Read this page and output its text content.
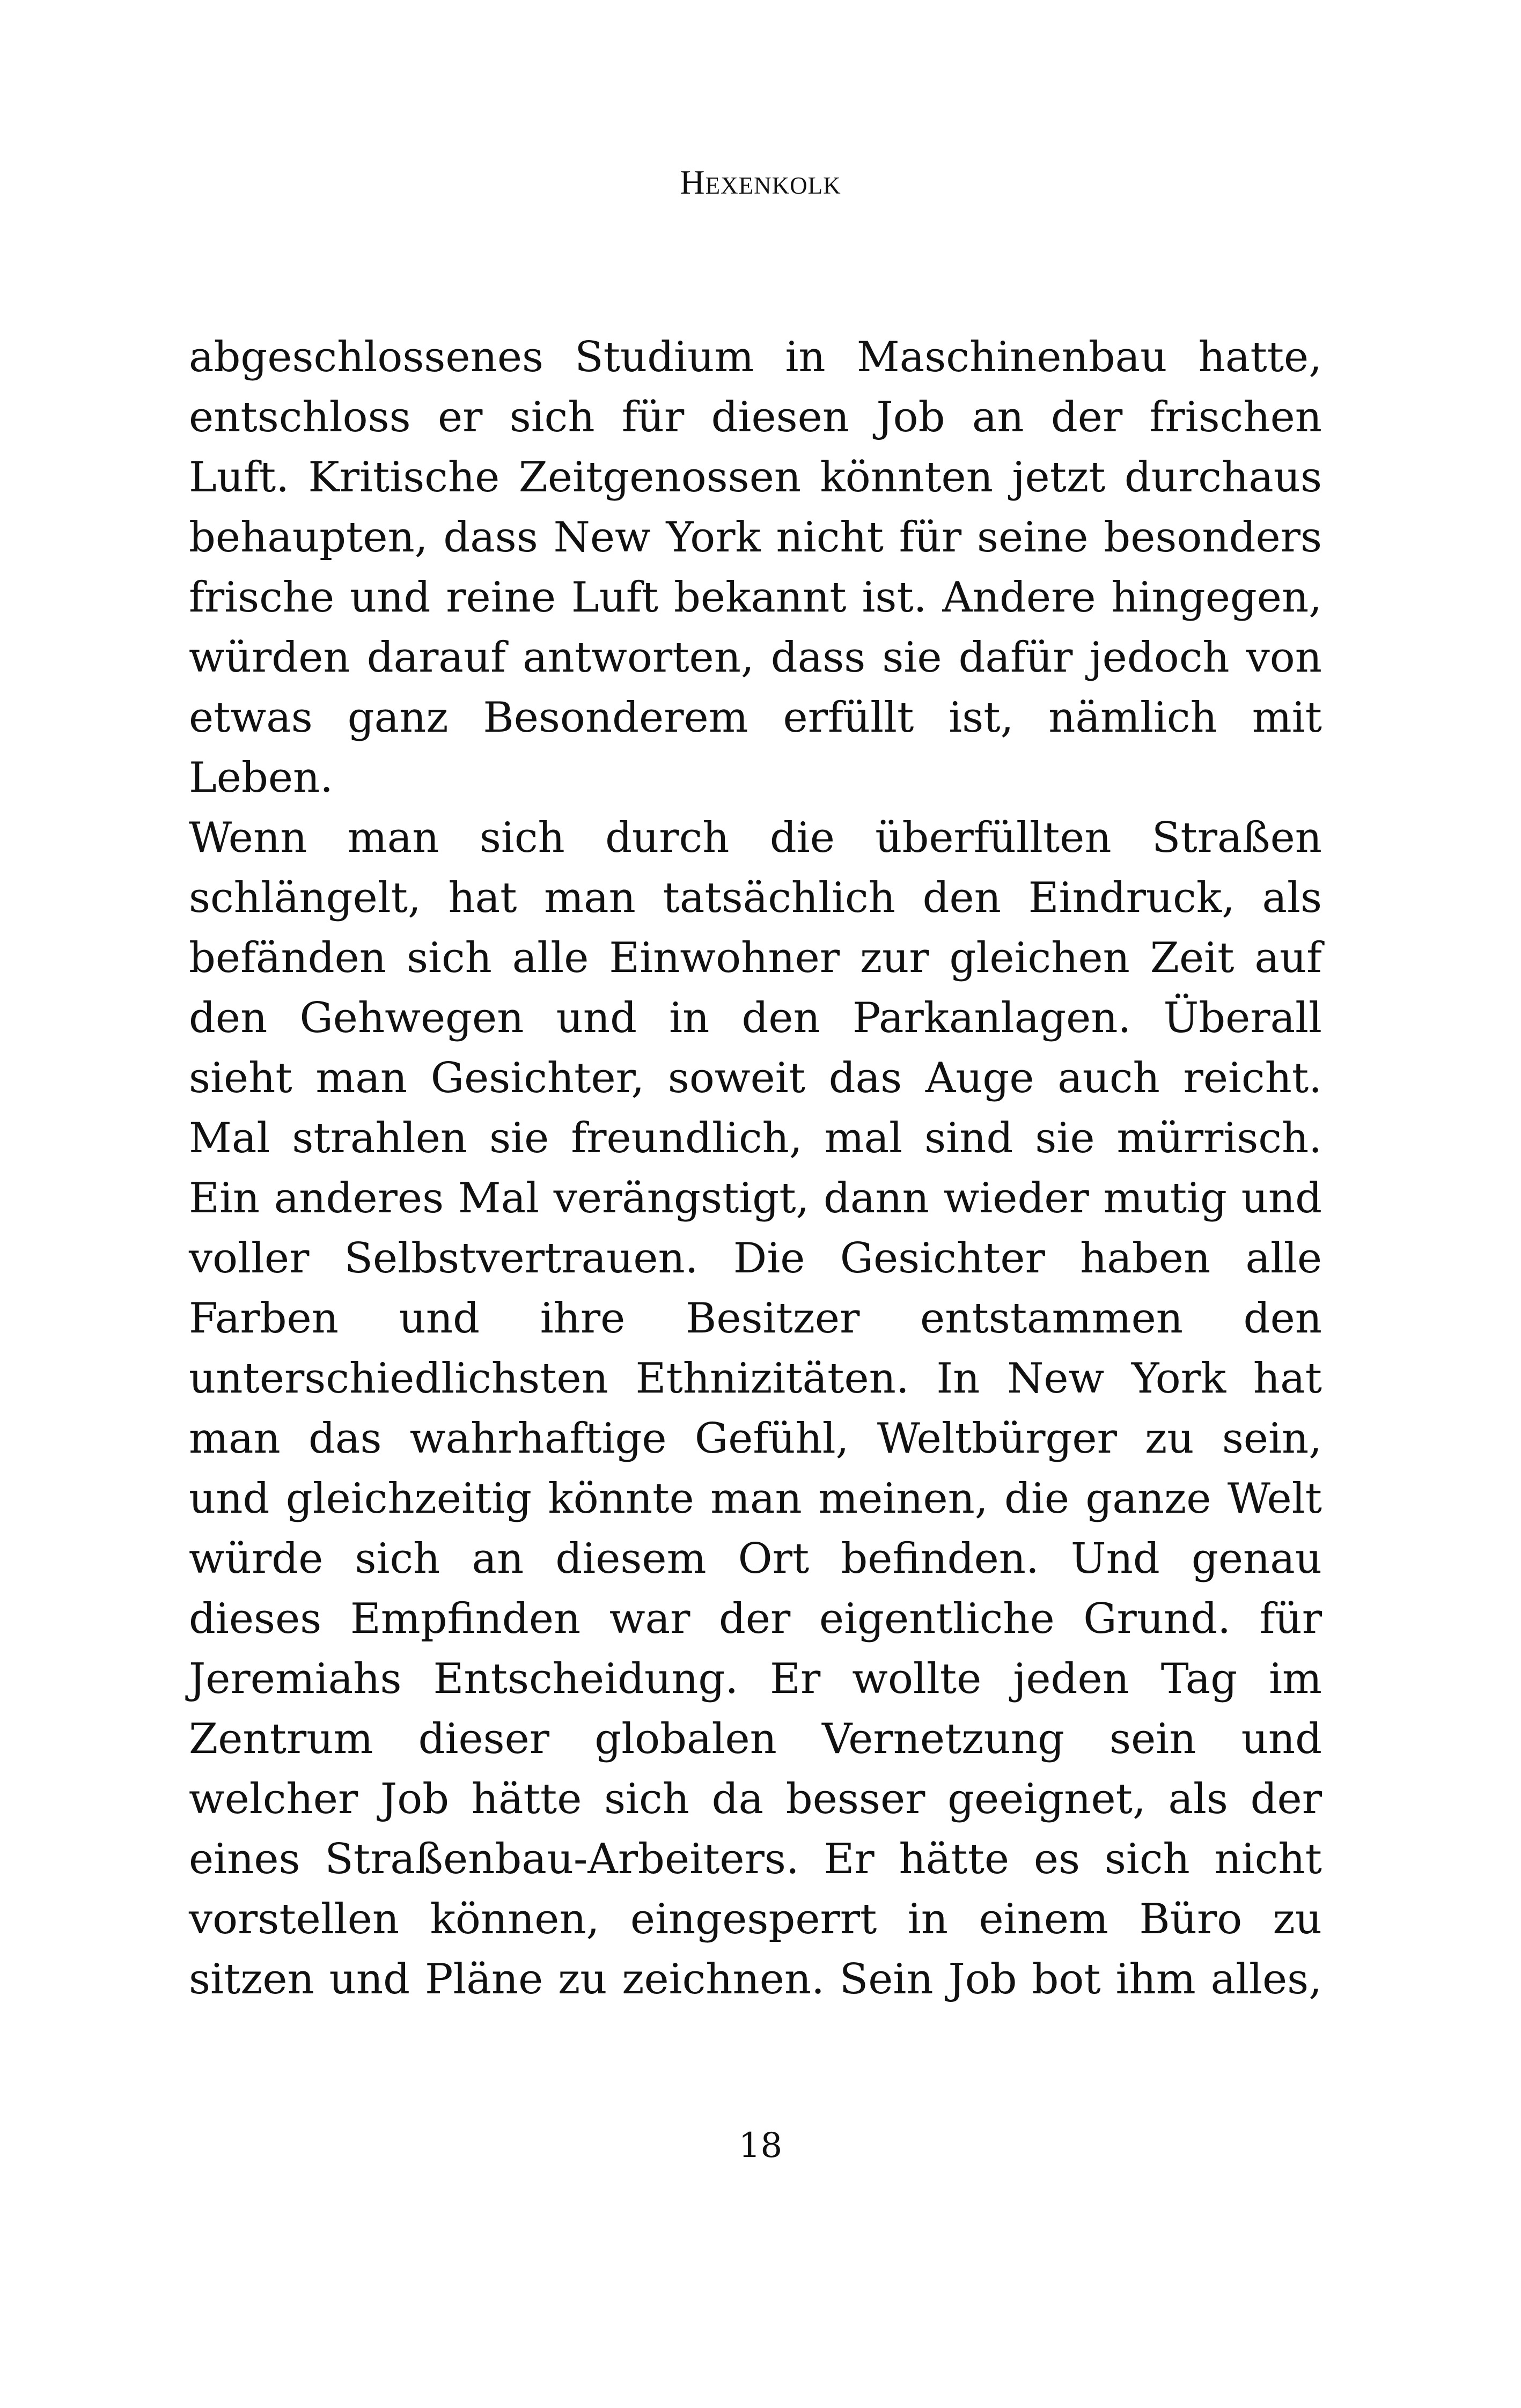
Hexenkolk
abgeschlossenes Studium in Maschinenbau hatte,
entschloss er sich für diesen Job an der frischen
Luft. Kritische Zeitgenossen könnten jetzt durchaus
behaupten, dass New York nicht für seine besonders
frische und reine Luft bekannt ist. Andere hingegen,
würden darauf antworten, dass sie dafür jedoch von
etwas ganz Besonderem erfüllt ist, nämlich mit
Leben.
Wenn man sich durch die überfüllten Straßen
schlängelt, hat man tatsächlich den Eindruck, als
befänden sich alle Einwohner zur gleichen Zeit auf
den Gehwegen und in den Parkanlagen. Überall
sieht man Gesichter, soweit das Auge auch reicht.
Mal strahlen sie freundlich, mal sind sie mürrisch.
Ein anderes Mal verängstigt, dann wieder mutig und
voller Selbstvertrauen. Die Gesichter haben alle
Farben und ihre Besitzer entstammen den
unterschiedlichsten Ethnizitäten. In New York hat
man das wahrhaftige Gefühl, Weltbürger zu sein,
und gleichzeitig könnte man meinen, die ganze Welt
würde sich an diesem Ort befinden. Und genau
dieses Empfinden war der eigentliche Grund. für
Jeremiahs Entscheidung. Er wollte jeden Tag im
Zentrum dieser globalen Vernetzung sein und
welcher Job hätte sich da besser geeignet, als der
eines Straßenbau-Arbeiters. Er hätte es sich nicht
vorstellen können, eingesperrt in einem Büro zu
sitzen und Pläne zu zeichnen. Sein Job bot ihm alles,
18
